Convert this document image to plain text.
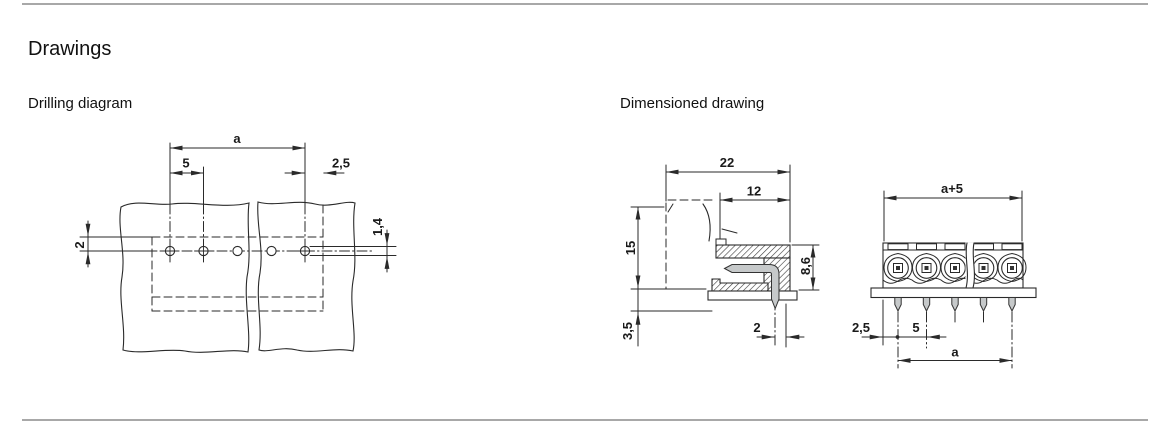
Drawings
Drilling diagram	Dimensioned drawing
a
5	2,5
2
1,4
22
12
15
3,5
8,6
2
a+5
2,5	5
a
